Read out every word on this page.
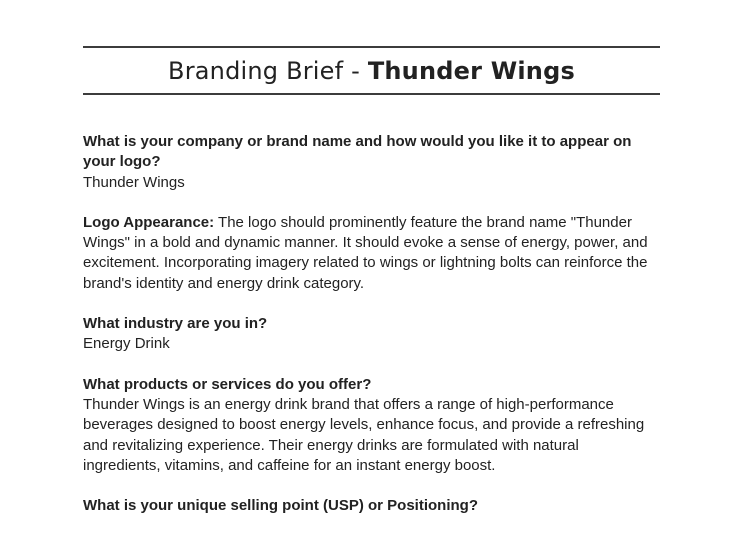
Branding Brief - Thunder Wings
What is your company or brand name and how would you like it to appear on your logo?
Thunder Wings
Logo Appearance: The logo should prominently feature the brand name "Thunder Wings" in a bold and dynamic manner. It should evoke a sense of energy, power, and excitement. Incorporating imagery related to wings or lightning bolts can reinforce the brand's identity and energy drink category.
What industry are you in?
Energy Drink
What products or services do you offer?
Thunder Wings is an energy drink brand that offers a range of high-performance beverages designed to boost energy levels, enhance focus, and provide a refreshing and revitalizing experience. Their energy drinks are formulated with natural ingredients, vitamins, and caffeine for an instant energy boost.
What is your unique selling point (USP) or Positioning?
